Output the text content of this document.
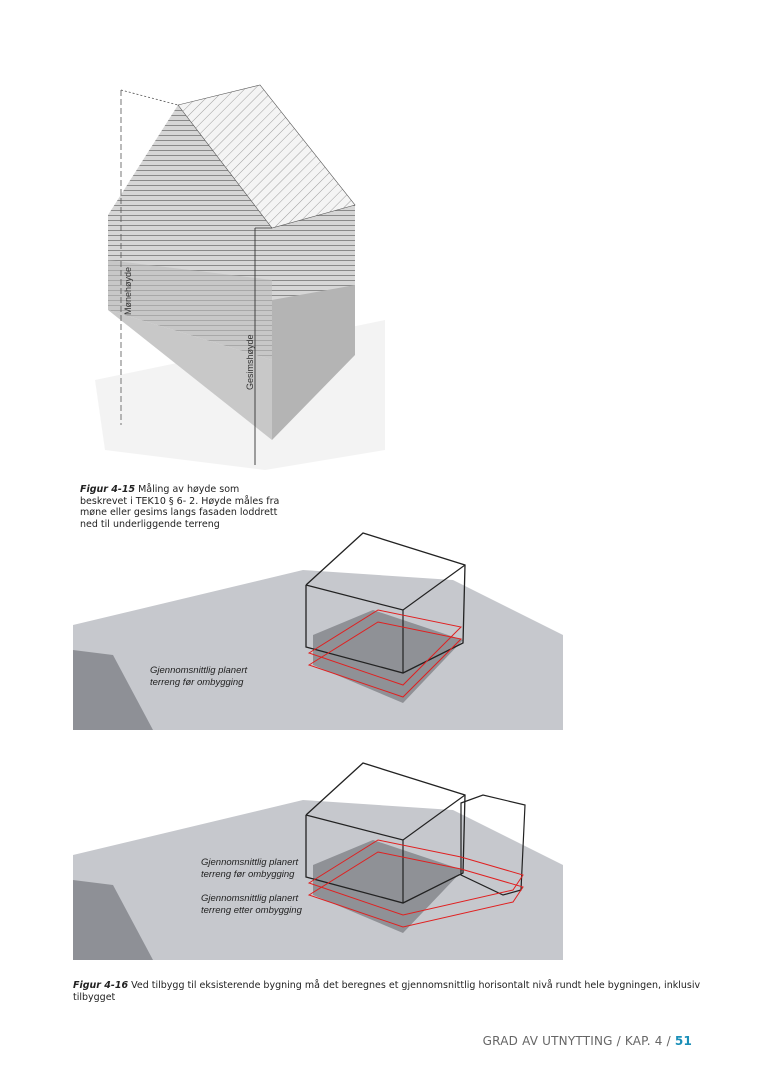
Mønehøyde
Gesimshøyde
Figur 4-15 Måling av høyde som beskrevet i TEK10 § 6- 2. Høyde måles fra møne eller gesims langs fasaden loddrett ned til underliggende terreng
Gjennomsnittlig planert
terreng før ombygging
Gjennomsnittlig planert
terreng før ombygging
Gjennomsnittlig planert
terreng etter ombygging
Figur 4-16 Ved tilbygg til eksisterende bygning må det beregnes et gjennomsnittlig horisontalt nivå rundt hele bygningen, inklusiv tilbygget
GRAD AV UTNYTTING / KAP. 4 / 51
